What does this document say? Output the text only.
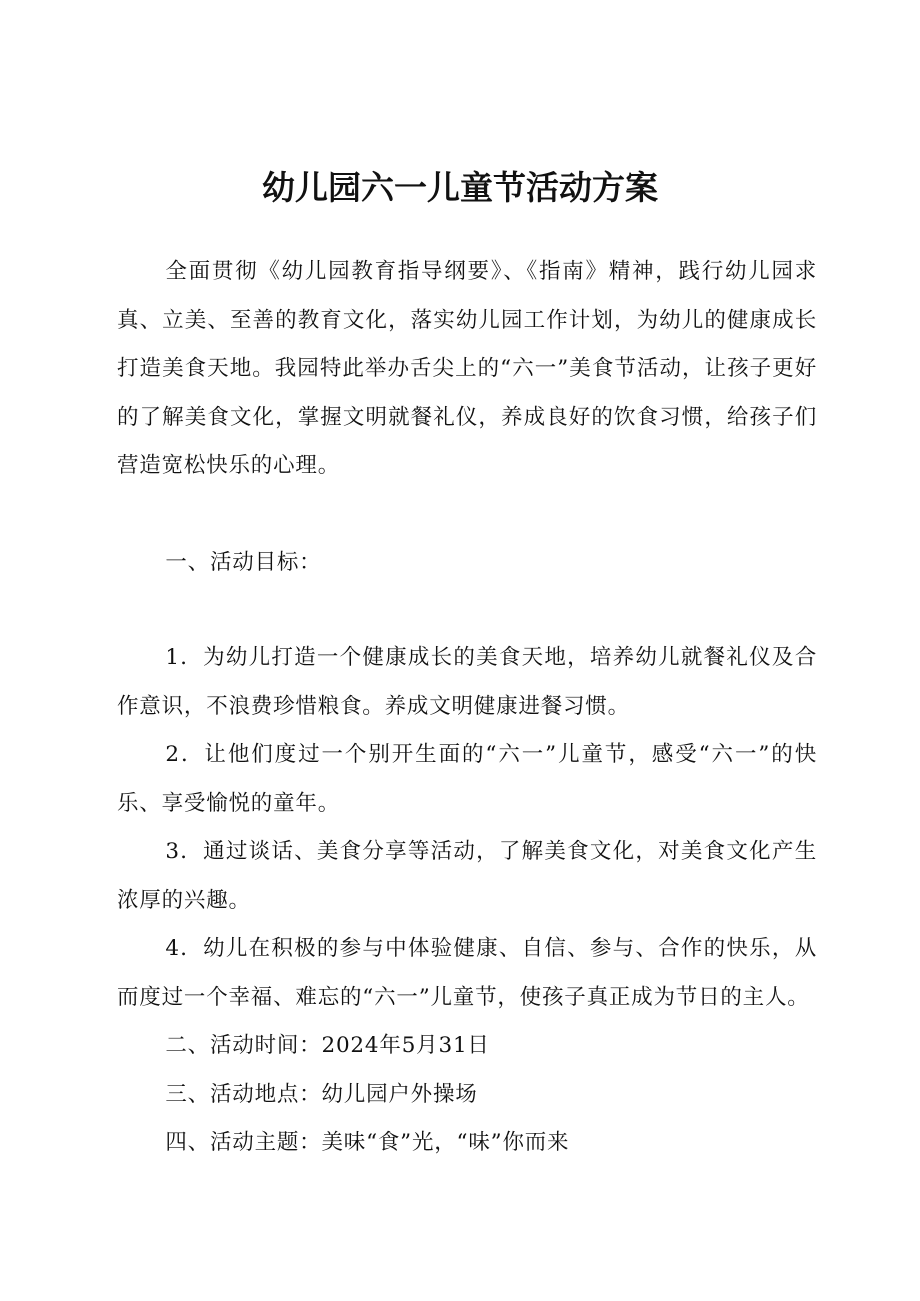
幼儿园六一儿童节活动方案

全面贯彻《幼儿园教育指导纲要》、《指南》精神，践行幼儿园求真、立美、至善的教育文化，落实幼儿园工作计划，为幼儿的健康成长打造美食天地。我园特此举办舌尖上的“六一”美食节活动，让孩子更好的了解美食文化，掌握文明就餐礼仪，养成良好的饮食习惯，给孩子们营造宽松快乐的心理。

一、活动目标：

1．为幼儿打造一个健康成长的美食天地，培养幼儿就餐礼仪及合作意识，不浪费珍惜粮食。养成文明健康进餐习惯。

2．让他们度过一个别开生面的“六一”儿童节，感受“六一”的快乐、享受愉悦的童年。

3．通过谈话、美食分享等活动，了解美食文化，对美食文化产生浓厚的兴趣。

4．幼儿在积极的参与中体验健康、自信、参与、合作的快乐，从而度过一个幸福、难忘的“六一”儿童节，使孩子真正成为节日的主人。

二、活动时间：2024年5月31日

三、活动地点：幼儿园户外操场

四、活动主题：美味“食”光，“味”你而来
